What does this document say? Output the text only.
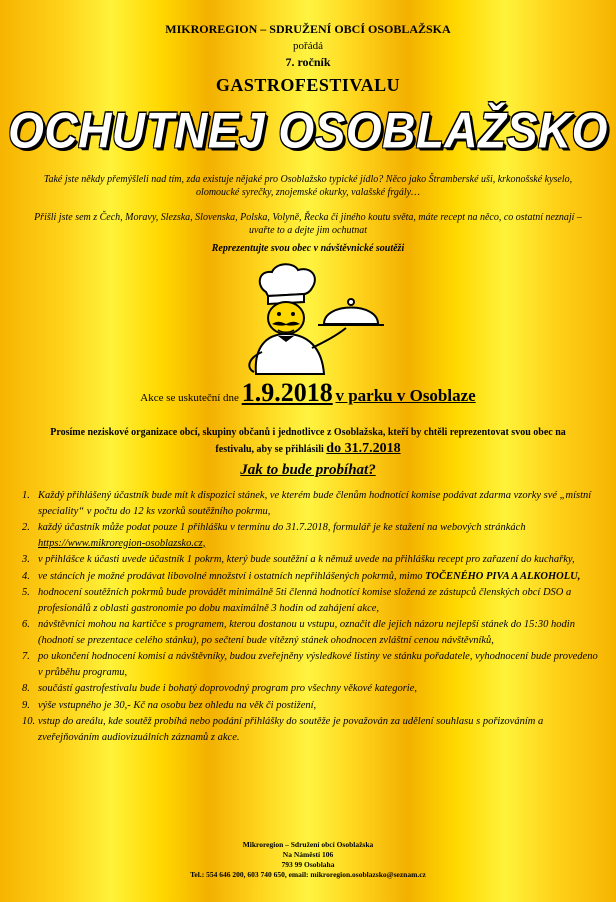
MIKROREGION – SDRUŽENÍ OBCÍ OSOBLAŽSKA
pořádá
7. ročník
GASTROFESTIVALU
OCHUTNEJ OSOBLAŽSKO
Také jste někdy přemýšleli nad tím, zda existuje nějaké pro Osoblažsko typické jídlo? Něco jako Štramberské uši, krkonošské kyselo, olomoucké syrečky, znojemské okurky, valašské frgály…
Přišli jste sem z Čech, Moravy, Slezska, Slovenska, Polska, Volyně, Řecka či jiného koutu světa, máte recept na něco, co ostatní neznají – uvařte to a dejte jim ochutnat
Reprezentujte svou obec v návštěvnické soutěži
Akce se uskuteční dne 1.9.2018 v parku v Osoblaze
Prosíme neziskové organizace obcí, skupiny občanů i jednotlivce z Osoblažska, kteří by chtěli reprezentovat svou obec na festivalu, aby se přihlásili do 31.7.2018
Jak to bude probíhat?
1. Každý přihlášený účastník bude mít k dispozici stánek, ve kterém bude členům hodnotící komise podávat zdarma vzorky své „místní speciality“ v počtu do 12 ks vzorků soutěžního pokrmu,
2. každý účastník může podat pouze 1 přihlášku v termínu do 31.7.2018, formulář je ke stažení na webových stránkách https://www.mikroregion-osoblazsko.cz,
3. v přihlášce k účasti uvede účastník 1 pokrm, který bude soutěžní a k němuž uvede na přihlášku recept pro zařazení do kuchařky,
4. ve stáncích je možné prodávat libovolné množství i ostatních nepřihlášených pokrmů, mimo TOČENÉHO PIVA A ALKOHOLU,
5. hodnocení soutěžních pokrmů bude provádět minimálně 5ti členná hodnotící komise složená ze zástupců členských obcí DSO a profesionálů z oblasti gastronomie po dobu maximálně 3 hodin od zahájení akce,
6. návštěvníci mohou na kartičce s programem, kterou dostanou u vstupu, označit dle jejich názoru nejlepší stánek do 15:30 hodin (hodnotí se prezentace celého stánku), po sečtení bude vítězný stánek ohodnocen zvláštní cenou návštěvníků,
7. po ukončení hodnocení komisí a návštěvníky, budou zveřejněny výsledkové listiny ve stánku pořadatele, vyhodnocení bude provedeno v průběhu programu,
8. součástí gastrofestivalu bude i bohatý doprovodný program pro všechny věkové kategorie,
9. výše vstupného je 30,- Kč na osobu bez ohledu na věk či postižení,
10. vstup do areálu, kde soutěž probíhá nebo podání přihlášky do soutěže je považován za udělení souhlasu s pořizováním a zveřejňováním audiovizuálních záznamů z akce.
Mikroregion – Sdružení obcí Osoblažska
Na Náměstí 106
793 99 Osoblaha
Tel.: 554 646 200, 603 740 650, email: mikroregion.osoblazsko@seznam.cz
